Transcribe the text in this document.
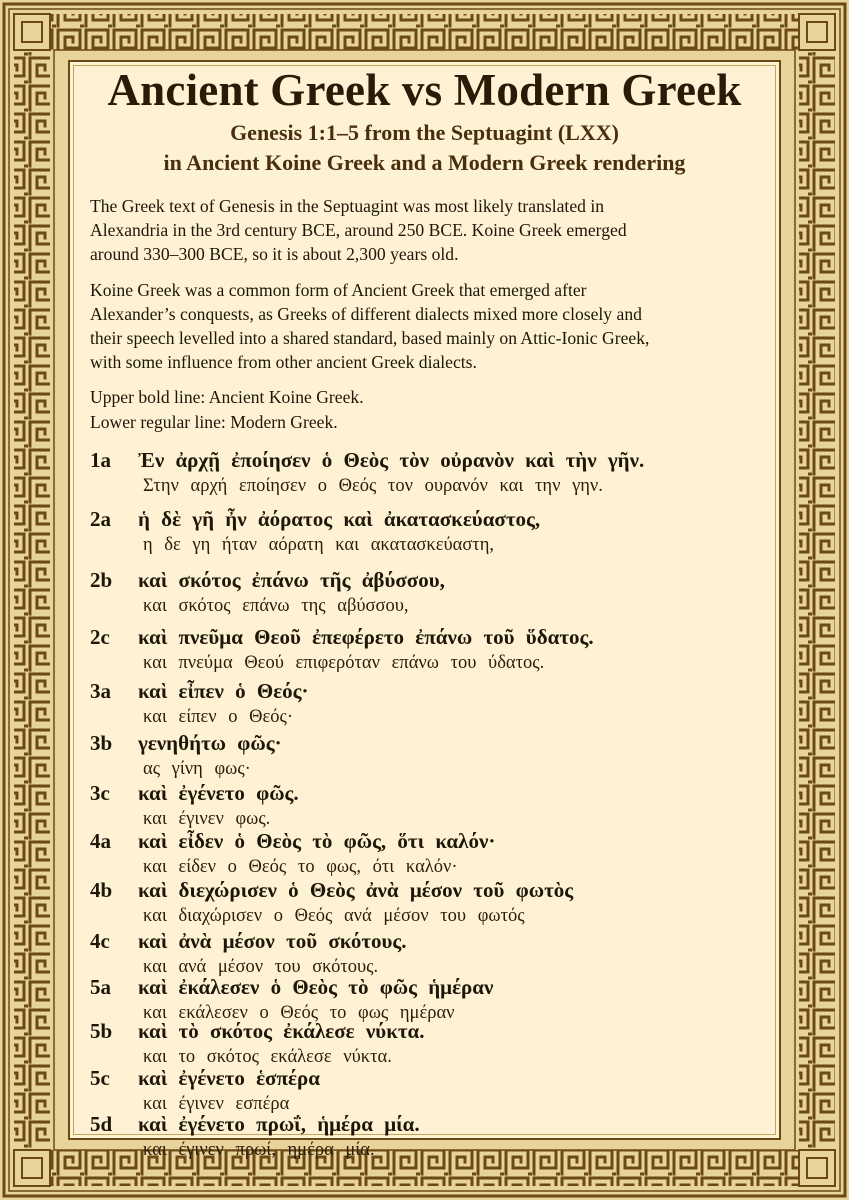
Ancient Greek vs Modern Greek
Genesis 1:1–5 from the Septuagint (LXX)
in Ancient Koine Greek and a Modern Greek rendering
The Greek text of Genesis in the Septuagint was most likely translated in
Alexandria in the 3rd century BCE, around 250 BCE. Koine Greek emerged
around 330–300 BCE, so it is about 2,300 years old.
Koine Greek was a common form of Ancient Greek that emerged after
Alexander’s conquests, as Greeks of different dialects mixed more closely and
their speech levelled into a shared standard, based mainly on Attic-Ionic Greek,
with some influence from other ancient Greek dialects.
Upper bold line: Ancient Koine Greek.
Lower regular line: Modern Greek.
1a Ἐν ἀρχῇ ἐποίησεν ὁ Θεὸς τὸν οὐρανὸν καὶ τὴν γῆν.
Στην αρχή εποίησεν ο Θεός τον ουρανόν και την γην.
2a ἡ δὲ γῆ ἦν ἀόρατος καὶ ἀκατασκεύαστος,
η δε γη ήταν αόρατη και ακατασκεύαστη,
2b καὶ σκότος ἐπάνω τῆς ἀβύσσου,
και σκότος επάνω της αβύσσου,
2c καὶ πνεῦμα Θεοῦ ἐπεφέρετο ἐπάνω τοῦ ὕδατος.
και πνεύμα Θεού επιφερόταν επάνω του ύδατος.
3a καὶ εἶπεν ὁ Θεός·
και είπεν ο Θεός·
3b γενηθήτω φῶς·
ας γίνη φως·
3c καὶ ἐγένετο φῶς.
και έγινεν φως.
4a καὶ εἶδεν ὁ Θεὸς τὸ φῶς, ὅτι καλόν·
και είδεν ο Θεός το φως, ότι καλόν·
4b καὶ διεχώρισεν ὁ Θεὸς ἀνὰ μέσον τοῦ φωτὸς
και διαχώρισεν ο Θεός ανά μέσον του φωτός
4c καὶ ἀνὰ μέσον τοῦ σκότους.
και ανά μέσον του σκότους.
5a καὶ ἐκάλεσεν ὁ Θεὸς τὸ φῶς ἡμέραν
και εκάλεσεν ο Θεός το φως ημέραν
5b καὶ τὸ σκότος ἐκάλεσε νύκτα.
και το σκότος εκάλεσε νύκτα.
5c καὶ ἐγένετο ἑσπέρα
και έγινεν εσπέρα
5d καὶ ἐγένετο πρωΐ, ἡμέρα μία.
και έγινεν πρωί, ημέρα μία.
